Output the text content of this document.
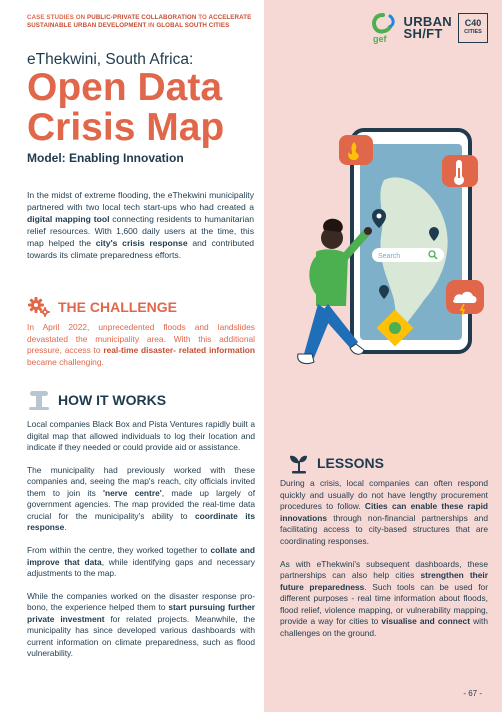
CASE STUDIES ON PUBLIC-PRIVATE COLLABORATION TO ACCELERATE SUSTAINABLE URBAN DEVELOPMENT IN GLOBAL SOUTH CITIES
gef
URBAN
SH/FT
C40
CITIES
eThekwini, South Africa:
Open Data
Crisis Map
Model: Enabling Innovation
In the midst of extreme flooding, the eThekwini municipality partnered with two local tech start-ups who had created a digital mapping tool connecting residents to humanitarian relief resources. With 1,600 daily users at the time, this map helped the city's crisis response and contributed towards its climate preparedness efforts.
THE CHALLENGE
In April 2022, unprecedented floods and landslides devastated the municipality area. With this additional pressure, access to real-time disaster- related information became challenging.
HOW IT WORKS

Local companies Black Box and Pista Ventures rapidly built a digital map that allowed individuals to log their location and indicate if they needed or could provide aid or assistance.

The municipality had previously worked with these companies and, seeing the map's reach, city officials invited them to join its 'nerve centre', made up largely of government agencies. The map provided the real-time data crucial for the municipality's ability to coordinate its response.

From within the centre, they worked together to collate and improve that data, while identifying gaps and necessary adjustments to the map.

While the companies worked on the disaster response pro-bono, the experience helped them to start pursuing further private investment for related projects. Meanwhile, the municipality has since developed various dashboards with current information on climate preparedness, such as flood vulnerability.

Search
LESSONS

During a crisis, local companies can often respond quickly and usually do not have lengthy procurement procedures to follow. Cities can enable these rapid innovations through non-financial partnerships and facilitating access to city-based structures that are coordinating responses.

As with eThekwini's subsequent dashboards, these partnerships can also help cities strengthen their future preparedness. Such tools can be used for different purposes - real time information about floods, flood relief, violence mapping, or vulnerability mapping, provide a way for cities to visualise and connect with challenges on the ground.

- 67 -
